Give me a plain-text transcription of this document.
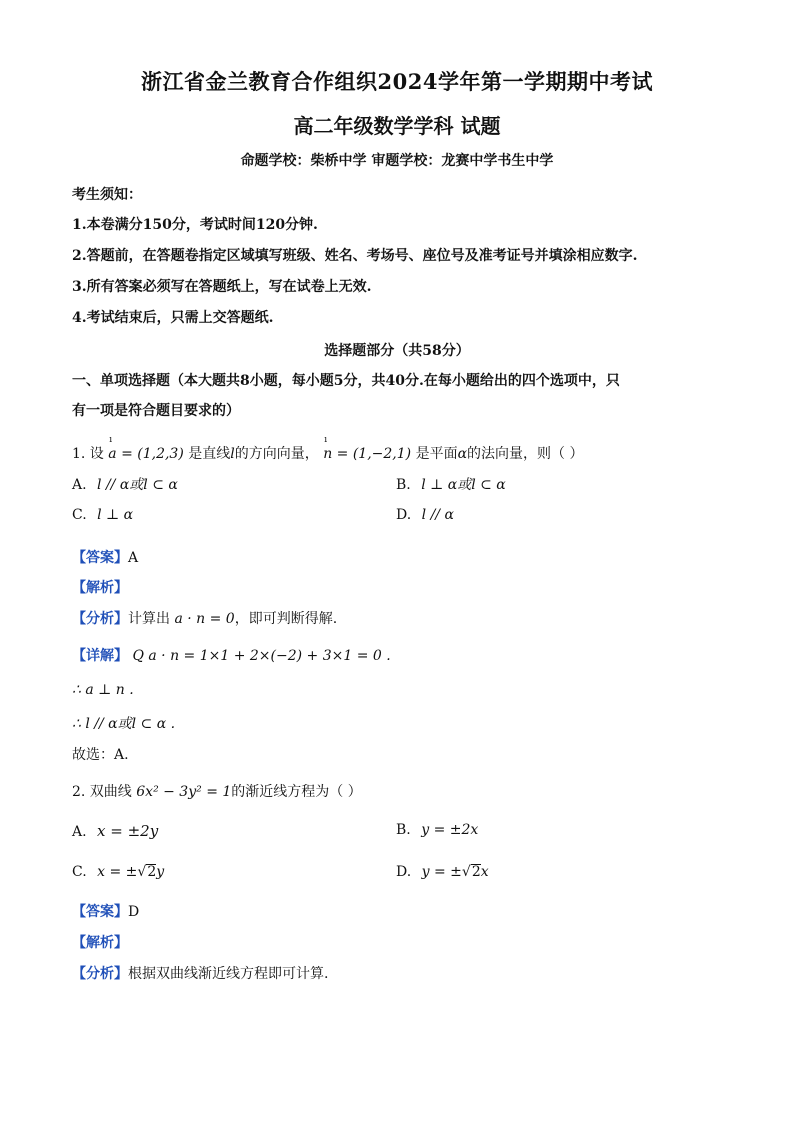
浙江省金兰教育合作组织2024学年第一学期期中考试
高二年级数学学科 试题
命题学校：柴桥中学 审题学校：龙赛中学书生中学
考生须知：
1.本卷满分150分，考试时间120分钟.
2.答题前，在答题卷指定区域填写班级、姓名、考场号、座位号及准考证号并填涂相应数字.
3.所有答案必须写在答题纸上，写在试卷上无效.
4.考试结束后，只需上交答题纸.
选择题部分（共58分）
一、单项选择题（本大题共8小题，每小题5分，共40分.在每小题给出的四个选项中，只
有一项是符合题目要求的）
1. 设 ı a = (1,2,3) 是直线l的方向向量， ı n = (1,−2,1) 是平面α的法向量，则（ ）
A. l // α或l ⊂ α	B. l ⊥ α或l ⊂ α
C. l ⊥ α	D. l // α
【答案】A
【解析】
【分析】计算出 a · n = 0，即可判断得解.
【详解】 Q a · n = 1×1 + 2×(−2) + 3×1 = 0 .
∴ a ⊥ n .
∴ l // α或l ⊂ α .
故选：A.
2. 双曲线 6x² − 3y² = 1的渐近线方程为（ ）
A. x = ±2y	B. y = ±2x
C. x = ±√2y	D. y = ±√2x
【答案】D
【解析】
【分析】根据双曲线渐近线方程即可计算.
